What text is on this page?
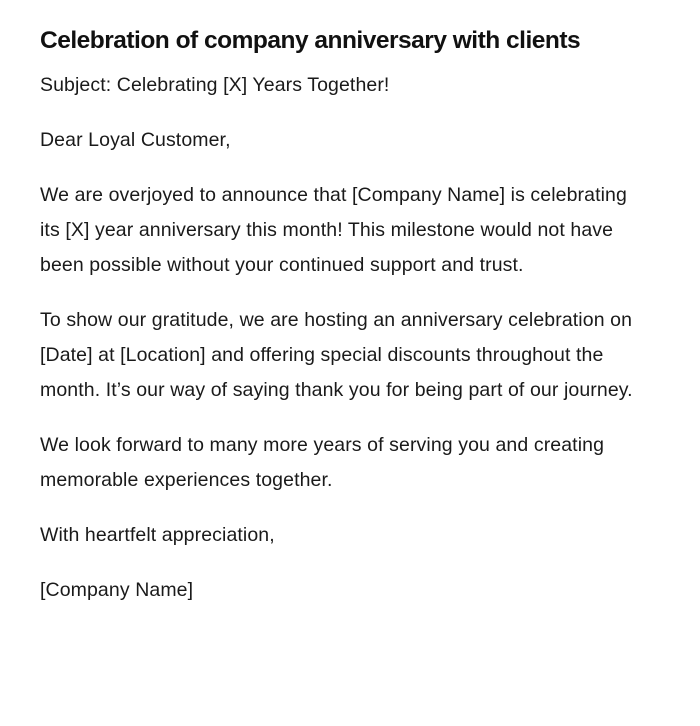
Celebration of company anniversary with clients

Subject: Celebrating [X] Years Together!

Dear Loyal Customer,

We are overjoyed to announce that [Company Name] is celebrating its [X] year anniversary this month! This milestone would not have been possible without your continued support and trust.

To show our gratitude, we are hosting an anniversary celebration on [Date] at [Location] and offering special discounts throughout the month. It’s our way of saying thank you for being part of our journey.

We look forward to many more years of serving you and creating memorable experiences together.

With heartfelt appreciation,

[Company Name]
